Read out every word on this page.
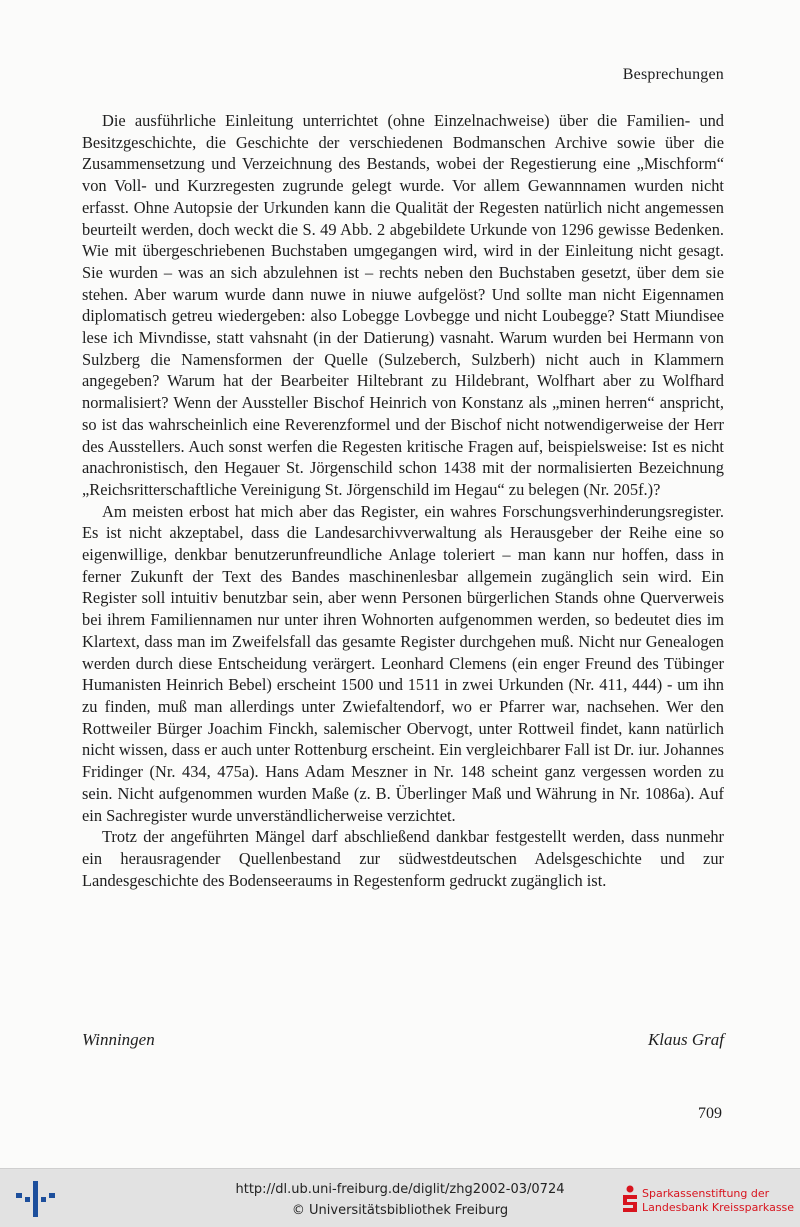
Besprechungen

Die ausführliche Einleitung unterrichtet (ohne Einzelnachweise) über die Familien- und Besitzgeschichte, die Geschichte der verschiedenen Bodmanschen Archive sowie über die Zusammensetzung und Verzeichnung des Bestands, wobei der Regestierung eine „Mischform“ von Voll- und Kurzregesten zugrunde gelegt wurde. Vor allem Gewannnamen wurden nicht erfasst. Ohne Autopsie der Urkunden kann die Qualität der Regesten natürlich nicht angemessen beurteilt werden, doch weckt die S. 49 Abb. 2 abgebildete Urkunde von 1296 gewisse Bedenken. Wie mit übergeschriebenen Buchstaben umgegangen wird, wird in der Einleitung nicht gesagt. Sie wurden – was an sich abzulehnen ist – rechts neben den Buchstaben gesetzt, über dem sie stehen. Aber warum wurde dann nuwe in niuwe aufgelöst? Und sollte man nicht Eigennamen diplomatisch getreu wiedergeben: also Lobegge Lovbegge und nicht Loubegge? Statt Miundisee lese ich Mivndisse, statt vahsnaht (in der Datierung) vasnaht. Warum wurden bei Hermann von Sulzberg die Namensformen der Quelle (Sulzeberch, Sulzberh) nicht auch in Klammern angegeben? Warum hat der Bearbeiter Hiltebrant zu Hildebrant, Wolfhart aber zu Wolfhard normalisiert? Wenn der Aussteller Bischof Heinrich von Konstanz als „minen herren“ anspricht, so ist das wahrscheinlich eine Reverenzformel und der Bischof nicht notwendigerweise der Herr des Ausstellers. Auch sonst werfen die Regesten kritische Fragen auf, beispielsweise: Ist es nicht anachronistisch, den Hegauer St. Jörgenschild schon 1438 mit der normalisierten Bezeichnung „Reichsritterschaftliche Vereinigung St. Jörgenschild im Hegau“ zu belegen (Nr. 205f.)?

Am meisten erbost hat mich aber das Register, ein wahres Forschungsverhinderungsregister. Es ist nicht akzeptabel, dass die Landesarchivverwaltung als Herausgeber der Reihe eine so eigenwillige, denkbar benutzerunfreundliche Anlage toleriert – man kann nur hoffen, dass in ferner Zukunft der Text des Bandes maschinenlesbar allgemein zugänglich sein wird. Ein Register soll intuitiv benutzbar sein, aber wenn Personen bürgerlichen Stands ohne Querverweis bei ihrem Familiennamen nur unter ihren Wohnorten aufgenommen werden, so bedeutet dies im Klartext, dass man im Zweifelsfall das gesamte Register durchgehen muß. Nicht nur Genealogen werden durch diese Entscheidung verärgert. Leonhard Clemens (ein enger Freund des Tübinger Humanisten Heinrich Bebel) erscheint 1500 und 1511 in zwei Urkunden (Nr. 411, 444) - um ihn zu finden, muß man allerdings unter Zwiefaltendorf, wo er Pfarrer war, nachsehen. Wer den Rottweiler Bürger Joachim Finckh, salemischer Obervogt, unter Rottweil findet, kann natürlich nicht wissen, dass er auch unter Rottenburg erscheint. Ein vergleichbarer Fall ist Dr. iur. Johannes Fridinger (Nr. 434, 475a). Hans Adam Meszner in Nr. 148 scheint ganz vergessen worden zu sein. Nicht aufgenommen wurden Maße (z. B. Überlinger Maß und Währung in Nr. 1086a). Auf ein Sachregister wurde unverständlicherweise verzichtet.

Trotz der angeführten Mängel darf abschließend dankbar festgestellt werden, dass nunmehr ein herausragender Quellenbestand zur südwestdeutschen Adelsgeschichte und zur Landesgeschichte des Bodenseeraums in Regestenform gedruckt zugänglich ist.

Winningen	Klaus Graf
709
http://dl.ub.uni-freiburg.de/diglit/zhg2002-03/0724
© Universitätsbibliothek Freiburg
Sparkassenstiftung der
Landesbank Kreissparkasse
